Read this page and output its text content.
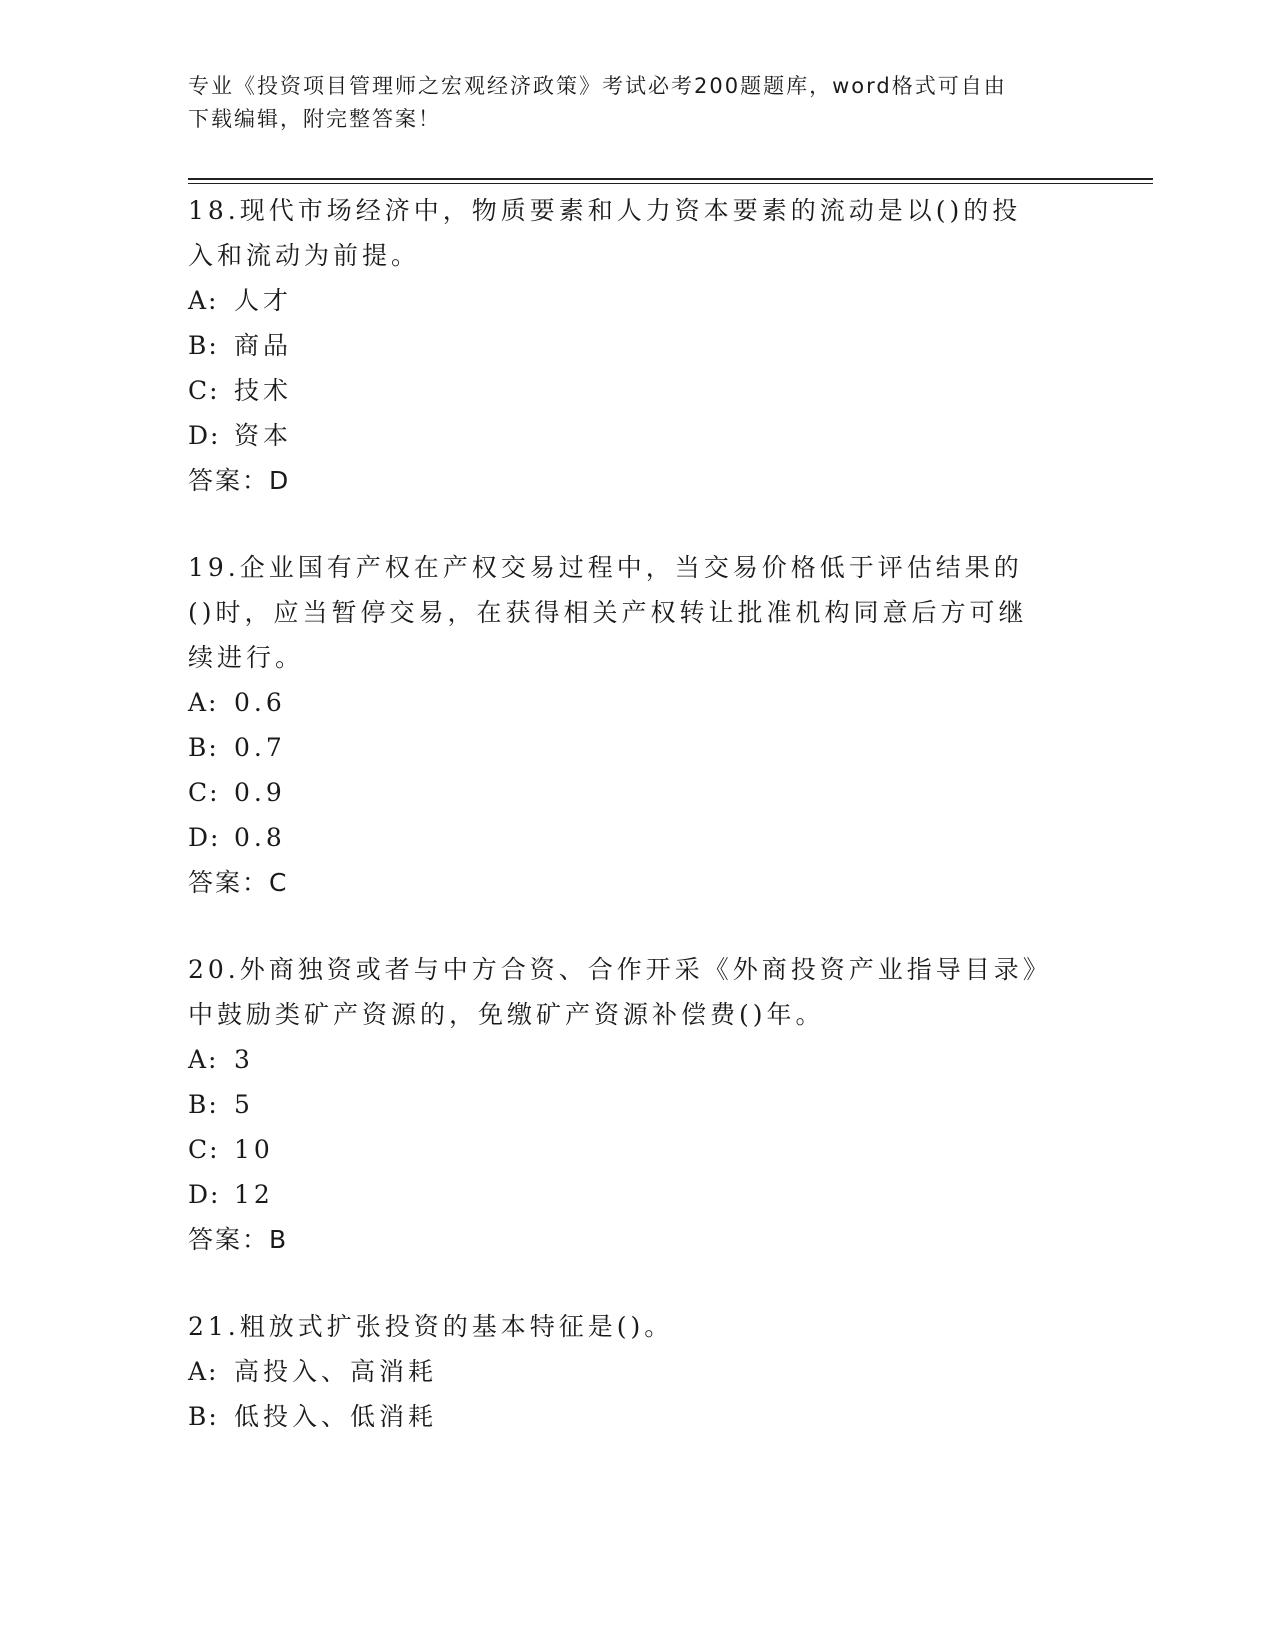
专业《投资项目管理师之宏观经济政策》考试必考200题题库，word格式可自由
下载编辑，附完整答案！

18.现代市场经济中，物质要素和人力资本要素的流动是以()的投入和流动为前提。

A: 人才

B: 商品

C: 技术

D: 资本

答案：D

19.企业国有产权在产权交易过程中，当交易价格低于评估结果的()时，应当暂停交易，在获得相关产权转让批准机构同意后方可继续进行。

A: 0.6

B: 0.7

C: 0.9

D: 0.8

答案：C

20.外商独资或者与中方合资、合作开采《外商投资产业指导目录》中鼓励类矿产资源的，免缴矿产资源补偿费()年。

A: 3

B: 5

C: 10

D: 12

答案：B

21.粗放式扩张投资的基本特征是()。

A: 高投入、高消耗

B: 低投入、低消耗
